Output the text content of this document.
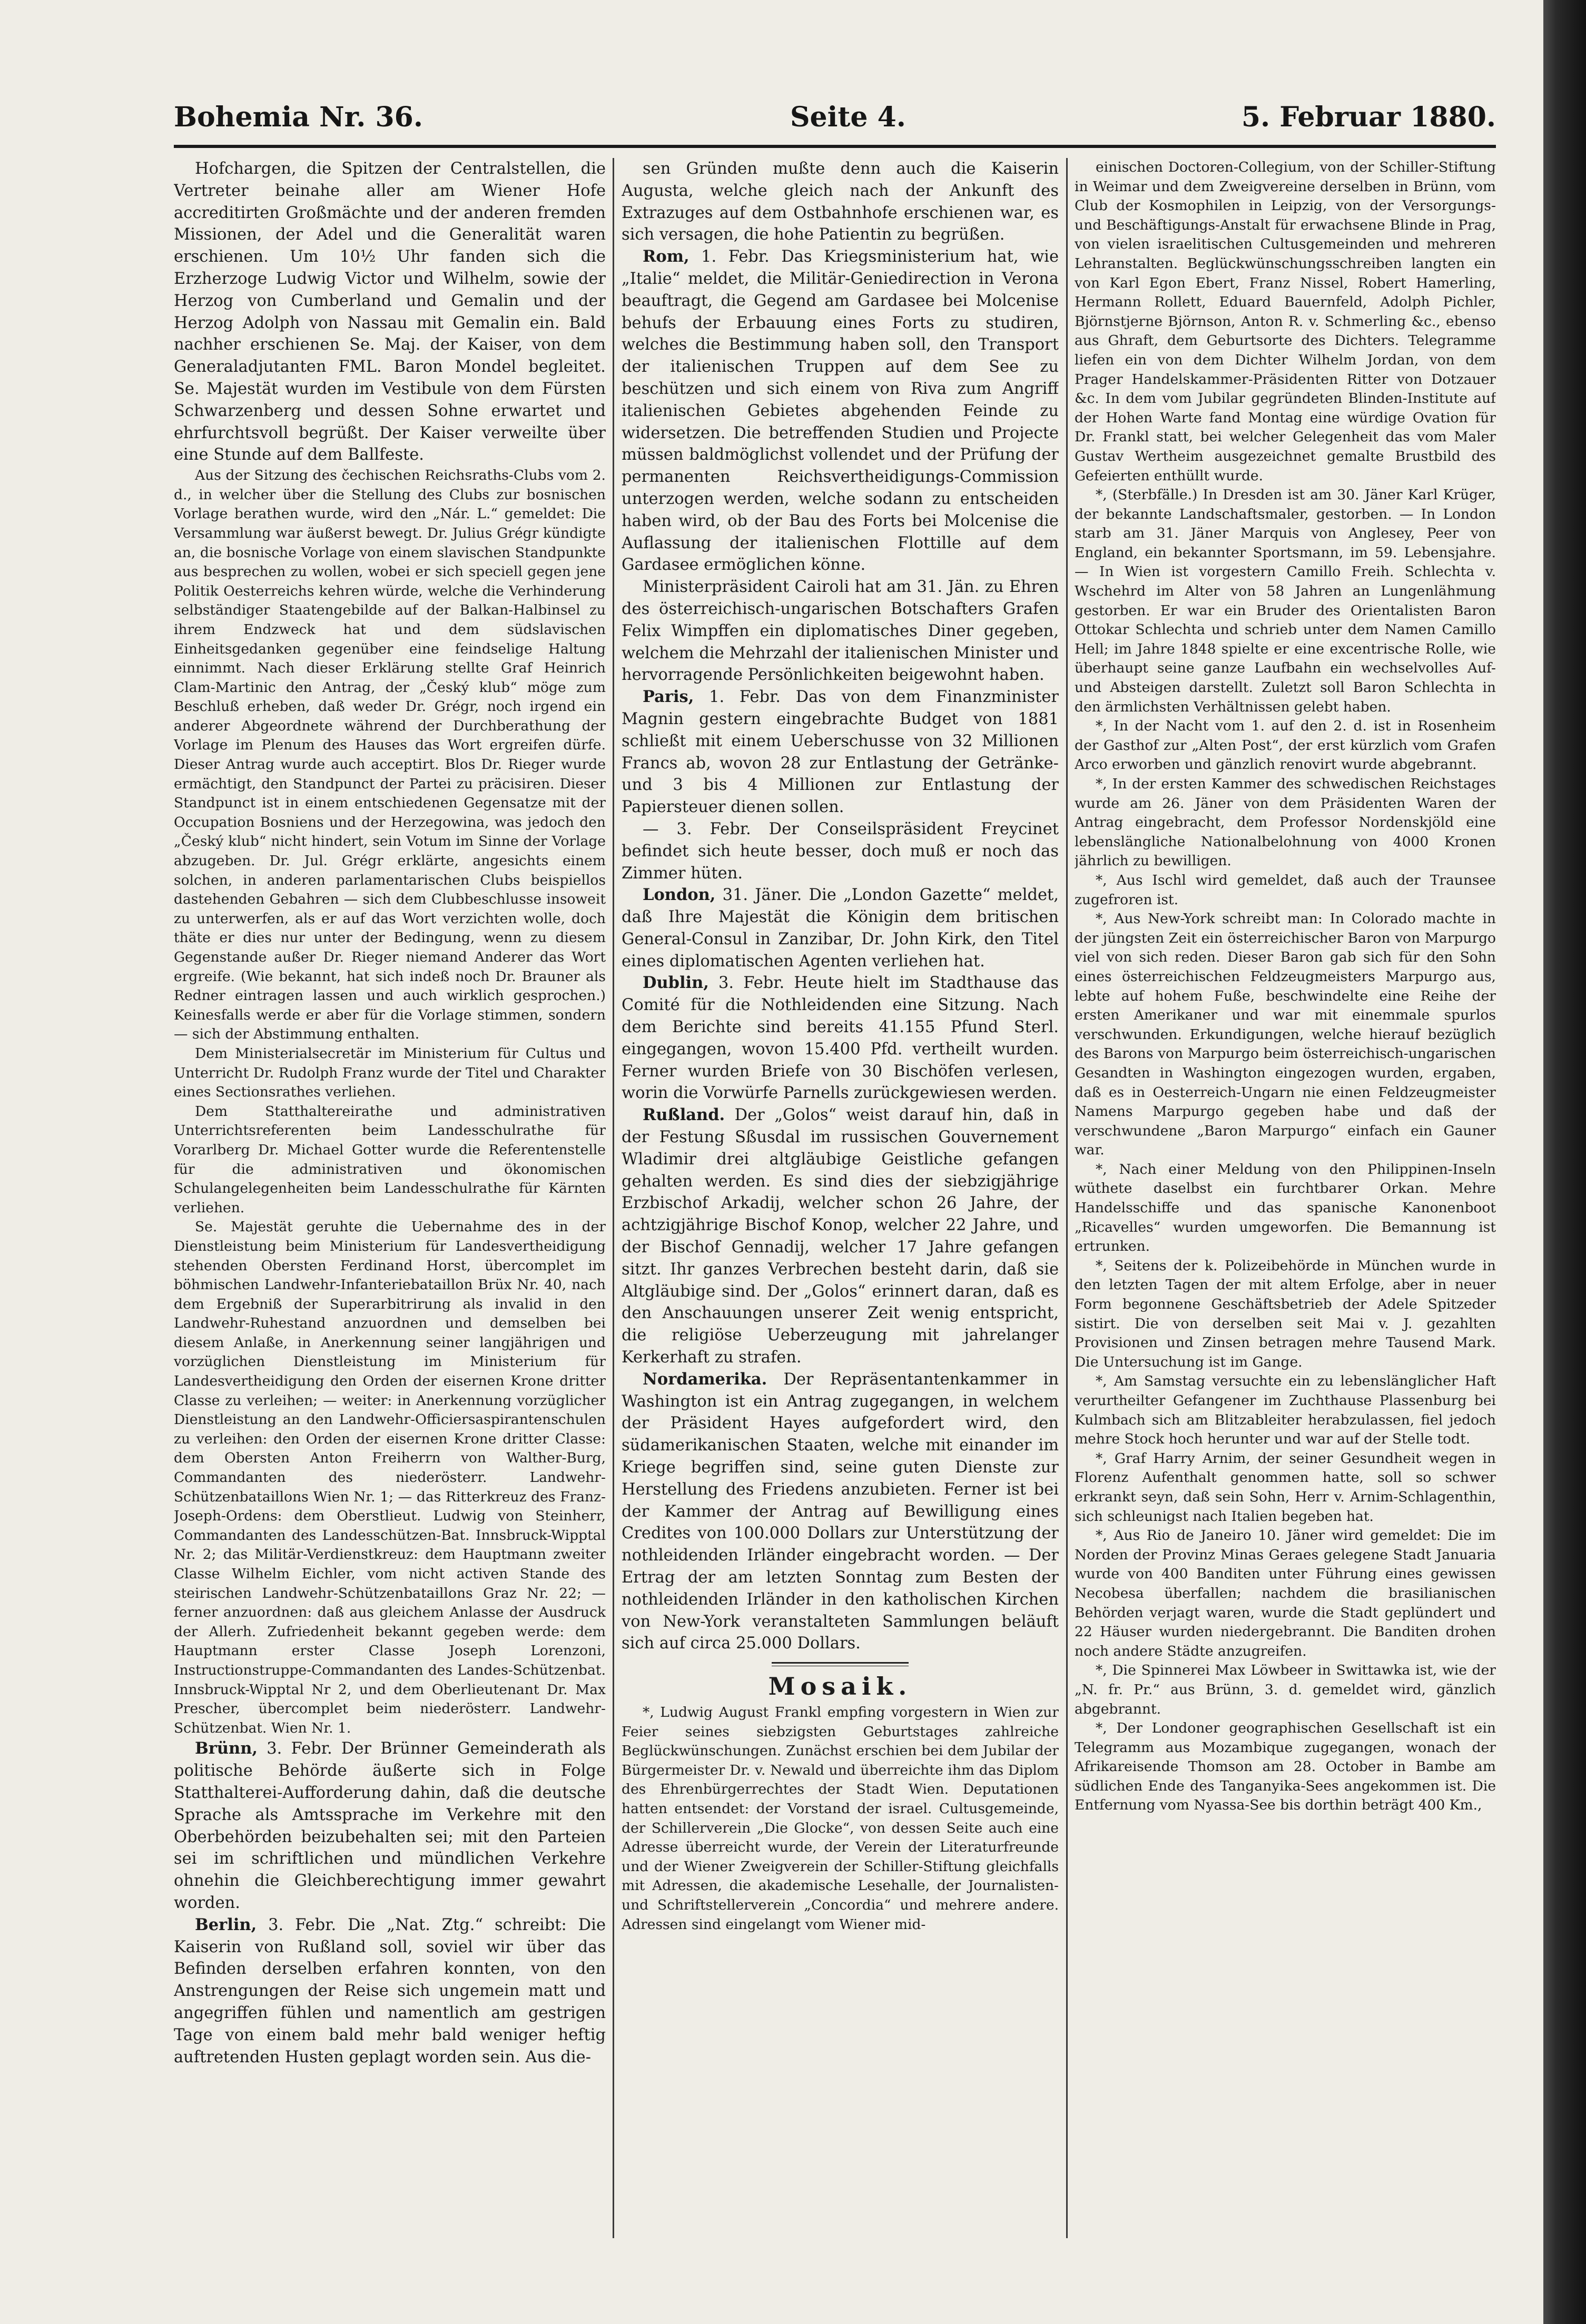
Bohemia Nr. 36.	Seite 4.	5. Februar 1880.

Hofchargen, die Spitzen der Centralstellen, die Vertreter beinahe aller am Wiener Hofe accreditirten Großmächte und der anderen fremden Missionen, der Adel und die Generalität waren erschienen. Um 10½ Uhr fanden sich die Erzherzoge Ludwig Victor und Wilhelm, sowie der Herzog von Cumberland und Gemalin und der Herzog Adolph von Nassau mit Gemalin ein. Bald nachher erschienen Se. Maj. der Kaiser, von dem Generaladjutanten FML. Baron Mondel begleitet. Se. Majestät wurden im Vestibule von dem Fürsten Schwarzenberg und dessen Sohne erwartet und ehrfurchtsvoll begrüßt. Der Kaiser verweilte über eine Stunde auf dem Ballfeste.

Aus der Sitzung des čechischen Reichsraths-Clubs vom 2. d., in welcher über die Stellung des Clubs zur bosnischen Vorlage berathen wurde, wird den „Nár. L.“ gemeldet: Die Versammlung war äußerst bewegt. Dr. Julius Grégr kündigte an, die bosnische Vorlage von einem slavischen Standpunkte aus besprechen zu wollen, wobei er sich speciell gegen jene Politik Oesterreichs kehren würde, welche die Verhinderung selbständiger Staatengebilde auf der Balkan-Halbinsel zu ihrem Endzweck hat und dem südslavischen Einheitsgedanken gegenüber eine feindselige Haltung einnimmt. Nach dieser Erklärung stellte Graf Heinrich Clam-Martinic den Antrag, der „Český klub“ möge zum Beschluß erheben, daß weder Dr. Grégr, noch irgend ein anderer Abgeordnete während der Durchberathung der Vorlage im Plenum des Hauses das Wort ergreifen dürfe. Dieser Antrag wurde auch acceptirt. Blos Dr. Rieger wurde ermächtigt, den Standpunct der Partei zu präcisiren. Dieser Standpunct ist in einem entschiedenen Gegensatze mit der Occupation Bosniens und der Herzegowina, was jedoch den „Český klub“ nicht hindert, sein Votum im Sinne der Vorlage abzugeben. Dr. Jul. Grégr erklärte, angesichts einem solchen, in anderen parlamentarischen Clubs beispiellos dastehenden Gebahren — sich dem Clubbeschlusse insoweit zu unterwerfen, als er auf das Wort verzichten wolle, doch thäte er dies nur unter der Bedingung, wenn zu diesem Gegenstande außer Dr. Rieger niemand Anderer das Wort ergreife. (Wie bekannt, hat sich indeß noch Dr. Brauner als Redner eintragen lassen und auch wirklich gesprochen.) Keinesfalls werde er aber für die Vorlage stimmen, sondern — sich der Abstimmung enthalten.

Dem Ministerialsecretär im Ministerium für Cultus und Unterricht Dr. Rudolph Franz wurde der Titel und Charakter eines Sectionsrathes verliehen.

Dem Statthaltereirathe und administrativen Unterrichtsreferenten beim Landesschulrathe für Vorarlberg Dr. Michael Gotter wurde die Referentenstelle für die administrativen und ökonomischen Schulangelegenheiten beim Landesschulrathe für Kärnten verliehen.

Se. Majestät geruhte die Uebernahme des in der Dienstleistung beim Ministerium für Landesvertheidigung stehenden Obersten Ferdinand Horst, übercomplet im böhmischen Landwehr-Infanteriebataillon Brüx Nr. 40, nach dem Ergebniß der Superarbitrirung als invalid in den Landwehr-Ruhestand anzuordnen und demselben bei diesem Anlaße, in Anerkennung seiner langjährigen und vorzüglichen Dienstleistung im Ministerium für Landesvertheidigung den Orden der eisernen Krone dritter Classe zu verleihen; — weiter: in Anerkennung vorzüglicher Dienstleistung an den Landwehr-Officiersaspirantenschulen zu verleihen: den Orden der eisernen Krone dritter Classe: dem Obersten Anton Freiherrn von Walther-Burg, Commandanten des niederösterr. Landwehr-Schützenbataillons Wien Nr. 1; — das Ritterkreuz des Franz-Joseph-Ordens: dem Oberstlieut. Ludwig von Steinherr, Commandanten des Landesschützen-Bat. Innsbruck-Wipptal Nr. 2; das Militär-Verdienstkreuz: dem Hauptmann zweiter Classe Wilhelm Eichler, vom nicht activen Stande des steirischen Landwehr-Schützenbataillons Graz Nr. 22; — ferner anzuordnen: daß aus gleichem Anlasse der Ausdruck der Allerh. Zufriedenheit bekannt gegeben werde: dem Hauptmann erster Classe Joseph Lorenzoni, Instructionstruppe-Commandanten des Landes-Schützenbat. Innsbruck-Wipptal Nr 2, und dem Oberlieutenant Dr. Max Prescher, übercomplet beim niederösterr. Landwehr-Schützenbat. Wien Nr. 1.

Brünn, 3. Febr. Der Brünner Gemeinderath als politische Behörde äußerte sich in Folge Statthalterei-Aufforderung dahin, daß die deutsche Sprache als Amtssprache im Verkehre mit den Oberbehörden beizubehalten sei; mit den Parteien sei im schriftlichen und mündlichen Verkehre ohnehin die Gleichberechtigung immer gewahrt worden.

Berlin, 3. Febr. Die „Nat. Ztg.“ schreibt: Die Kaiserin von Rußland soll, soviel wir über das Befinden derselben erfahren konnten, von den Anstrengungen der Reise sich ungemein matt und angegriffen fühlen und namentlich am gestrigen Tage von einem bald mehr bald weniger heftig auftretenden Husten geplagt worden sein. Aus die-

sen Gründen mußte denn auch die Kaiserin Augusta, welche gleich nach der Ankunft des Extrazuges auf dem Ostbahnhofe erschienen war, es sich versagen, die hohe Patientin zu begrüßen.

Rom, 1. Febr. Das Kriegsministerium hat, wie „Italie“ meldet, die Militär-Geniedirection in Verona beauftragt, die Gegend am Gardasee bei Molcenise behufs der Erbauung eines Forts zu studiren, welches die Bestimmung haben soll, den Transport der italienischen Truppen auf dem See zu beschützen und sich einem von Riva zum Angriff italienischen Gebietes abgehenden Feinde zu widersetzen. Die betreffenden Studien und Projecte müssen baldmöglichst vollendet und der Prüfung der permanenten Reichsvertheidigungs-Commission unterzogen werden, welche sodann zu entscheiden haben wird, ob der Bau des Forts bei Molcenise die Auflassung der italienischen Flottille auf dem Gardasee ermöglichen könne.

Ministerpräsident Cairoli hat am 31. Jän. zu Ehren des österreichisch-ungarischen Botschafters Grafen Felix Wimpffen ein diplomatisches Diner gegeben, welchem die Mehrzahl der italienischen Minister und hervorragende Persönlichkeiten beigewohnt haben.

Paris, 1. Febr. Das von dem Finanzminister Magnin gestern eingebrachte Budget von 1881 schließt mit einem Ueberschusse von 32 Millionen Francs ab, wovon 28 zur Entlastung der Getränke- und 3 bis 4 Millionen zur Entlastung der Papiersteuer dienen sollen.

— 3. Febr. Der Conseilspräsident Freycinet befindet sich heute besser, doch muß er noch das Zimmer hüten.

London, 31. Jäner. Die „London Gazette“ meldet, daß Ihre Majestät die Königin dem britischen General-Consul in Zanzibar, Dr. John Kirk, den Titel eines diplomatischen Agenten verliehen hat.

Dublin, 3. Febr. Heute hielt im Stadthause das Comité für die Nothleidenden eine Sitzung. Nach dem Berichte sind bereits 41.155 Pfund Sterl. eingegangen, wovon 15.400 Pfd. vertheilt wurden. Ferner wurden Briefe von 30 Bischöfen verlesen, worin die Vorwürfe Parnells zurückgewiesen werden.

Rußland. Der „Golos“ weist darauf hin, daß in der Festung Sßusdal im russischen Gouvernement Wladimir drei altgläubige Geistliche gefangen gehalten werden. Es sind dies der siebzigjährige Erzbischof Arkadij, welcher schon 26 Jahre, der achtzigjährige Bischof Konop, welcher 22 Jahre, und der Bischof Gennadij, welcher 17 Jahre gefangen sitzt. Ihr ganzes Verbrechen besteht darin, daß sie Altgläubige sind. Der „Golos“ erinnert daran, daß es den Anschauungen unserer Zeit wenig entspricht, die religiöse Ueberzeugung mit jahrelanger Kerkerhaft zu strafen.

Nordamerika. Der Repräsentantenkammer in Washington ist ein Antrag zugegangen, in welchem der Präsident Hayes aufgefordert wird, den südamerikanischen Staaten, welche mit einander im Kriege begriffen sind, seine guten Dienste zur Herstellung des Friedens anzubieten. Ferner ist bei der Kammer der Antrag auf Bewilligung eines Credites von 100.000 Dollars zur Unterstützung der nothleidenden Irländer eingebracht worden. — Der Ertrag der am letzten Sonntag zum Besten der nothleidenden Irländer in den katholischen Kirchen von New-York veranstalteten Sammlungen beläuft sich auf circa 25.000 Dollars.

Mosaik.

*, Ludwig August Frankl empfing vorgestern in Wien zur Feier seines siebzigsten Geburtstages zahlreiche Beglückwünschungen. Zunächst erschien bei dem Jubilar der Bürgermeister Dr. v. Newald und überreichte ihm das Diplom des Ehrenbürgerrechtes der Stadt Wien. Deputationen hatten entsendet: der Vorstand der israel. Cultusgemeinde, der Schillerverein „Die Glocke“, von dessen Seite auch eine Adresse überreicht wurde, der Verein der Literaturfreunde und der Wiener Zweigverein der Schiller-Stiftung gleichfalls mit Adressen, die akademische Lesehalle, der Journalisten- und Schriftstellerverein „Concordia“ und mehrere andere. Adressen sind eingelangt vom Wiener mid-

einischen Doctoren-Collegium, von der Schiller-Stiftung in Weimar und dem Zweigvereine derselben in Brünn, vom Club der Kosmophilen in Leipzig, von der Versorgungs- und Beschäftigungs-Anstalt für erwachsene Blinde in Prag, von vielen israelitischen Cultusgemeinden und mehreren Lehranstalten. Beglückwünschungsschreiben langten ein von Karl Egon Ebert, Franz Nissel, Robert Hamerling, Hermann Rollett, Eduard Bauernfeld, Adolph Pichler, Björnstjerne Björnson, Anton R. v. Schmerling &c., ebenso aus Ghraft, dem Geburtsorte des Dichters. Telegramme liefen ein von dem Dichter Wilhelm Jordan, von dem Prager Handelskammer-Präsidenten Ritter von Dotzauer &c. In dem vom Jubilar gegründeten Blinden-Institute auf der Hohen Warte fand Montag eine würdige Ovation für Dr. Frankl statt, bei welcher Gelegenheit das vom Maler Gustav Wertheim ausgezeichnet gemalte Brustbild des Gefeierten enthüllt wurde.

*, (Sterbfälle.) In Dresden ist am 30. Jäner Karl Krüger, der bekannte Landschaftsmaler, gestorben. — In London starb am 31. Jäner Marquis von Anglesey, Peer von England, ein bekannter Sportsmann, im 59. Lebensjahre. — In Wien ist vorgestern Camillo Freih. Schlechta v. Wschehrd im Alter von 58 Jahren an Lungenlähmung gestorben. Er war ein Bruder des Orientalisten Baron Ottokar Schlechta und schrieb unter dem Namen Camillo Hell; im Jahre 1848 spielte er eine excentrische Rolle, wie überhaupt seine ganze Laufbahn ein wechselvolles Auf- und Absteigen darstellt. Zuletzt soll Baron Schlechta in den ärmlichsten Verhältnissen gelebt haben.

*, In der Nacht vom 1. auf den 2. d. ist in Rosenheim der Gasthof zur „Alten Post“, der erst kürzlich vom Grafen Arco erworben und gänzlich renovirt wurde abgebrannt.

*, In der ersten Kammer des schwedischen Reichstages wurde am 26. Jäner von dem Präsidenten Waren der Antrag eingebracht, dem Professor Nordenskjöld eine lebenslängliche Nationalbelohnung von 4000 Kronen jährlich zu bewilligen.

*, Aus Ischl wird gemeldet, daß auch der Traunsee zugefroren ist.

*, Aus New-York schreibt man: In Colorado machte in der jüngsten Zeit ein österreichischer Baron von Marpurgo viel von sich reden. Dieser Baron gab sich für den Sohn eines österreichischen Feldzeugmeisters Marpurgo aus, lebte auf hohem Fuße, beschwindelte eine Reihe der ersten Amerikaner und war mit einemmale spurlos verschwunden. Erkundigungen, welche hierauf bezüglich des Barons von Marpurgo beim österreichisch-ungarischen Gesandten in Washington eingezogen wurden, ergaben, daß es in Oesterreich-Ungarn nie einen Feldzeugmeister Namens Marpurgo gegeben habe und daß der verschwundene „Baron Marpurgo“ einfach ein Gauner war.

*, Nach einer Meldung von den Philippinen-Inseln wüthete daselbst ein furchtbarer Orkan. Mehre Handelsschiffe und das spanische Kanonenboot „Ricavelles“ wurden umgeworfen. Die Bemannung ist ertrunken.

*, Seitens der k. Polizeibehörde in München wurde in den letzten Tagen der mit altem Erfolge, aber in neuer Form begonnene Geschäftsbetrieb der Adele Spitzeder sistirt. Die von derselben seit Mai v. J. gezahlten Provisionen und Zinsen betragen mehre Tausend Mark. Die Untersuchung ist im Gange.

*, Am Samstag versuchte ein zu lebenslänglicher Haft verurtheilter Gefangener im Zuchthause Plassenburg bei Kulmbach sich am Blitzableiter herabzulassen, fiel jedoch mehre Stock hoch herunter und war auf der Stelle todt.

*, Graf Harry Arnim, der seiner Gesundheit wegen in Florenz Aufenthalt genommen hatte, soll so schwer erkrankt seyn, daß sein Sohn, Herr v. Arnim-Schlagenthin, sich schleunigst nach Italien begeben hat.

*, Aus Rio de Janeiro 10. Jäner wird gemeldet: Die im Norden der Provinz Minas Geraes gelegene Stadt Januaria wurde von 400 Banditen unter Führung eines gewissen Necobesa überfallen; nachdem die brasilianischen Behörden verjagt waren, wurde die Stadt geplündert und 22 Häuser wurden niedergebrannt. Die Banditen drohen noch andere Städte anzugreifen.

*, Die Spinnerei Max Löwbeer in Swittawka ist, wie der „N. fr. Pr.“ aus Brünn, 3. d. gemeldet wird, gänzlich abgebrannt.

*, Der Londoner geographischen Gesellschaft ist ein Telegramm aus Mozambique zugegangen, wonach der Afrikareisende Thomson am 28. October in Bambe am südlichen Ende des Tanganyika-Sees angekommen ist. Die Entfernung vom Nyassa-See bis dorthin beträgt 400 Km.,
